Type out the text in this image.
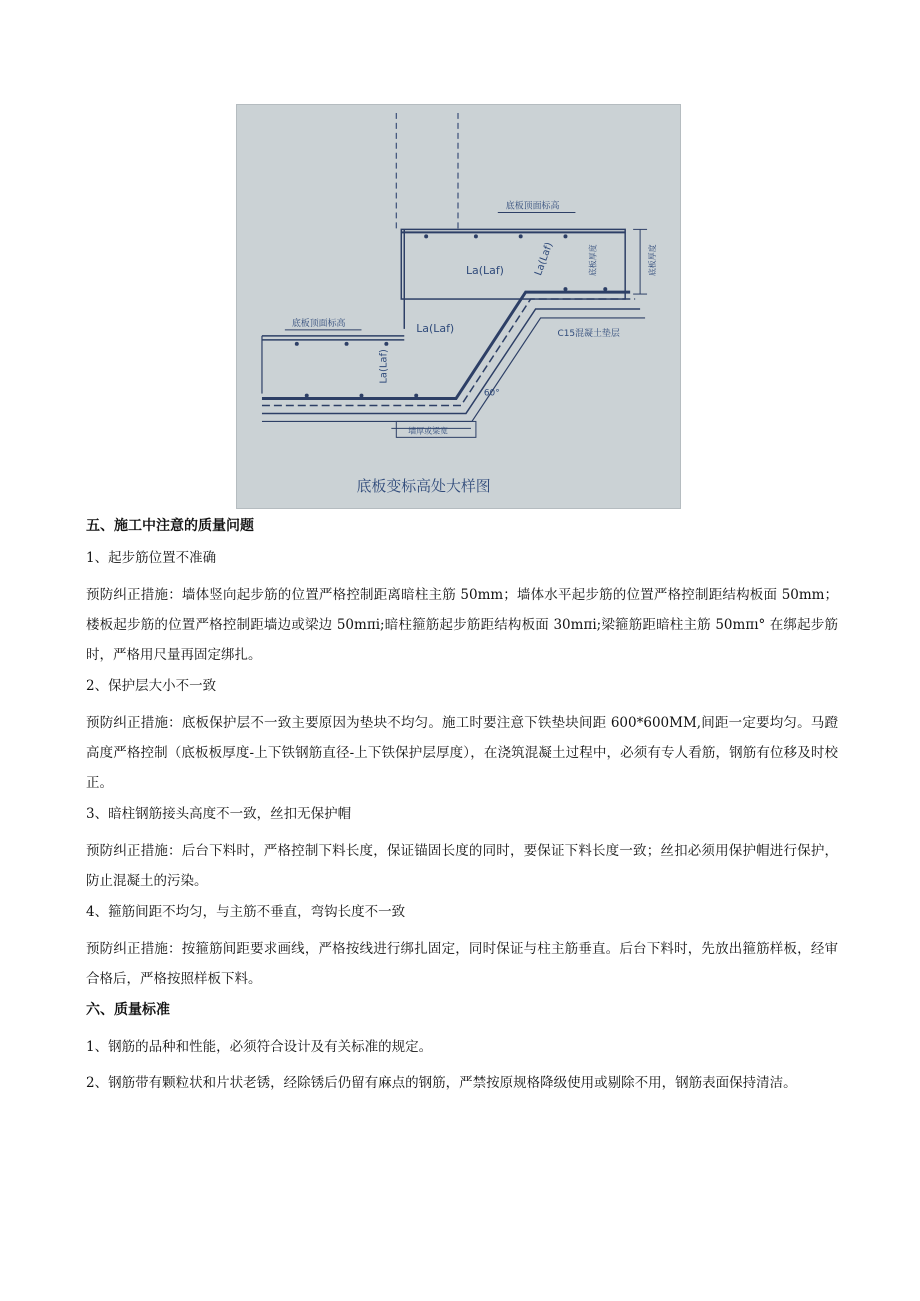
底板顶面标高
底板顶面标高
La(Laf)
La(Laf)
La(Laf)
La(Laf)	底板厚度	底板厚度
C15混凝土垫层
60°
墙厚或梁宽
底板变标高处大样图
五、施工中注意的质量问题
1、起步筋位置不准确
预防纠正措施：墙体竖向起步筋的位置严格控制距离暗柱主筋 50mm；墙体水平起步筋的位置严格控制距结构板面 50mm；楼板起步筋的位置严格控制距墙边或梁边 50mπi;暗柱箍筋起步筋距结构板面 30mπi;梁箍筋距暗柱主筋 50mπı° 在绑起步筋时，严格用尺量再固定绑扎。
2、保护层大小不一致
预防纠正措施：底板保护层不一致主要原因为垫块不均匀。施工时要注意下铁垫块间距 600*600MM,间距一定要均匀。马蹬高度严格控制（底板板厚度-上下铁钢筋直径-上下铁保护层厚度），在浇筑混凝土过程中，必须有专人看筋，钢筋有位移及时校正。
3、暗柱钢筋接头高度不一致，丝扣无保护帽
预防纠正措施：后台下料时，严格控制下料长度，保证锚固长度的同时，要保证下料长度一致；丝扣必须用保护帽进行保护，防止混凝土的污染。
4、箍筋间距不均匀，与主筋不垂直，弯钩长度不一致
预防纠正措施：按箍筋间距要求画线，严格按线进行绑扎固定，同时保证与柱主筋垂直。后台下料时，先放出箍筋样板，经审合格后，严格按照样板下料。
六、质量标准
1、钢筋的品种和性能，必须符合设计及有关标准的规定。
2、钢筋带有颗粒状和片状老锈，经除锈后仍留有麻点的钢筋，严禁按原规格降级使用或剔除不用，钢筋表面保持清洁。
